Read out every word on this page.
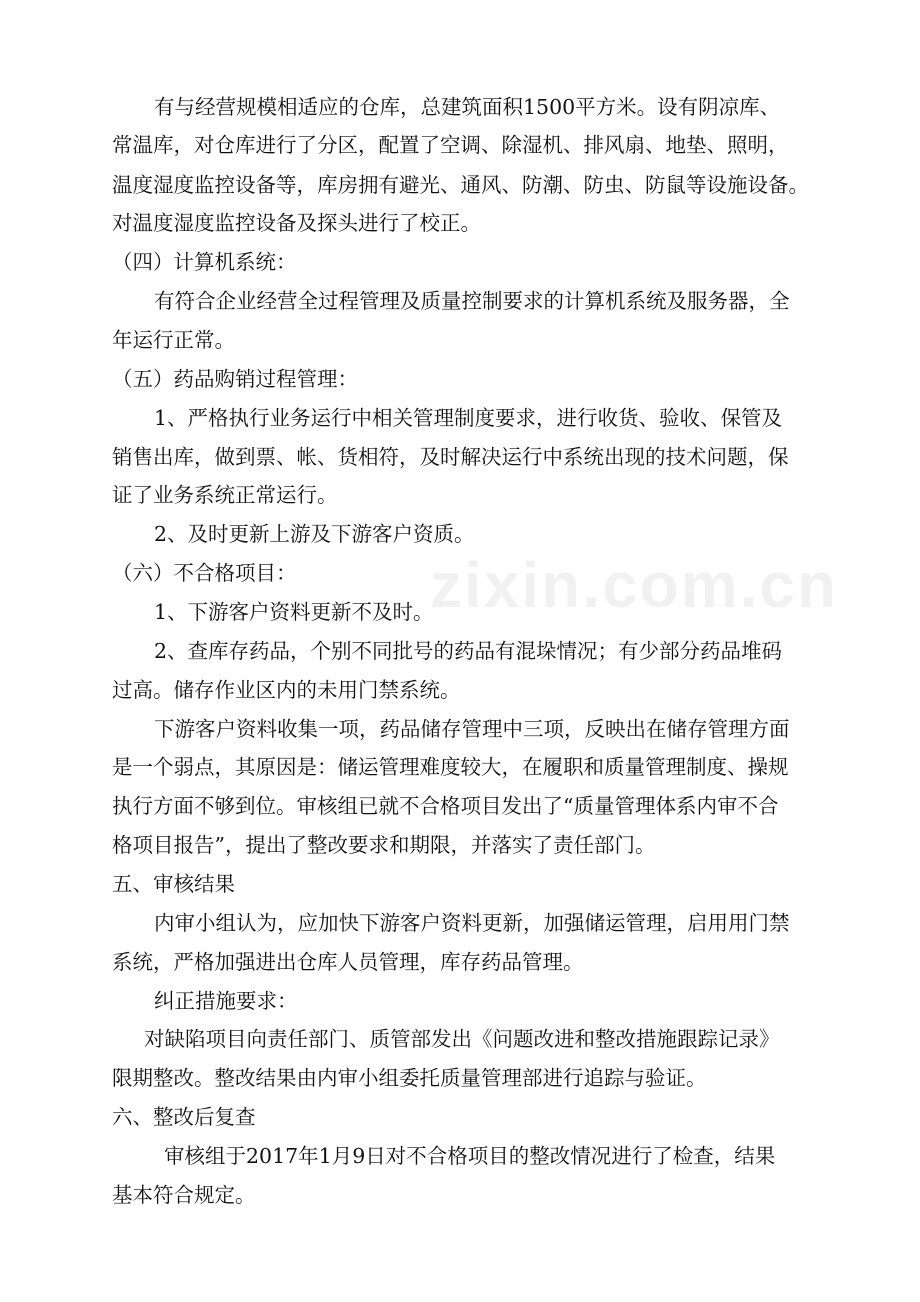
zixin.com.cn
有与经营规模相适应的仓库，总建筑面积1500平方米。设有阴凉库、
常温库，对仓库进行了分区，配置了空调、除湿机、排风扇、地垫、照明，
温度湿度监控设备等，库房拥有避光、通风、防潮、防虫、防鼠等设施设备。
对温度湿度监控设备及探头进行了校正。
（四）计算机系统：
有符合企业经营全过程管理及质量控制要求的计算机系统及服务器，全
年运行正常。
（五）药品购销过程管理：
1、严格执行业务运行中相关管理制度要求，进行收货、验收、保管及
销售出库，做到票、帐、货相符，及时解决运行中系统出现的技术问题，保
证了业务系统正常运行。
2、及时更新上游及下游客户资质。
（六）不合格项目：
1、下游客户资料更新不及时。
2、查库存药品，个别不同批号的药品有混垛情况；有少部分药品堆码
过高。储存作业区内的未用门禁系统。
下游客户资料收集一项，药品储存管理中三项，反映出在储存管理方面
是一个弱点，其原因是：储运管理难度较大，在履职和质量管理制度、操规
执行方面不够到位。审核组已就不合格项目发出了“质量管理体系内审不合
格项目报告”，提出了整改要求和期限，并落实了责任部门。
五、审核结果
内审小组认为，应加快下游客户资料更新，加强储运管理，启用用门禁
系统，严格加强进出仓库人员管理，库存药品管理。
纠正措施要求：
对缺陷项目向责任部门、质管部发出《问题改进和整改措施跟踪记录》
限期整改。整改结果由内审小组委托质量管理部进行追踪与验证。
六、整改后复查
审核组于2017年1月9日对不合格项目的整改情况进行了检查，结果
基本符合规定。
